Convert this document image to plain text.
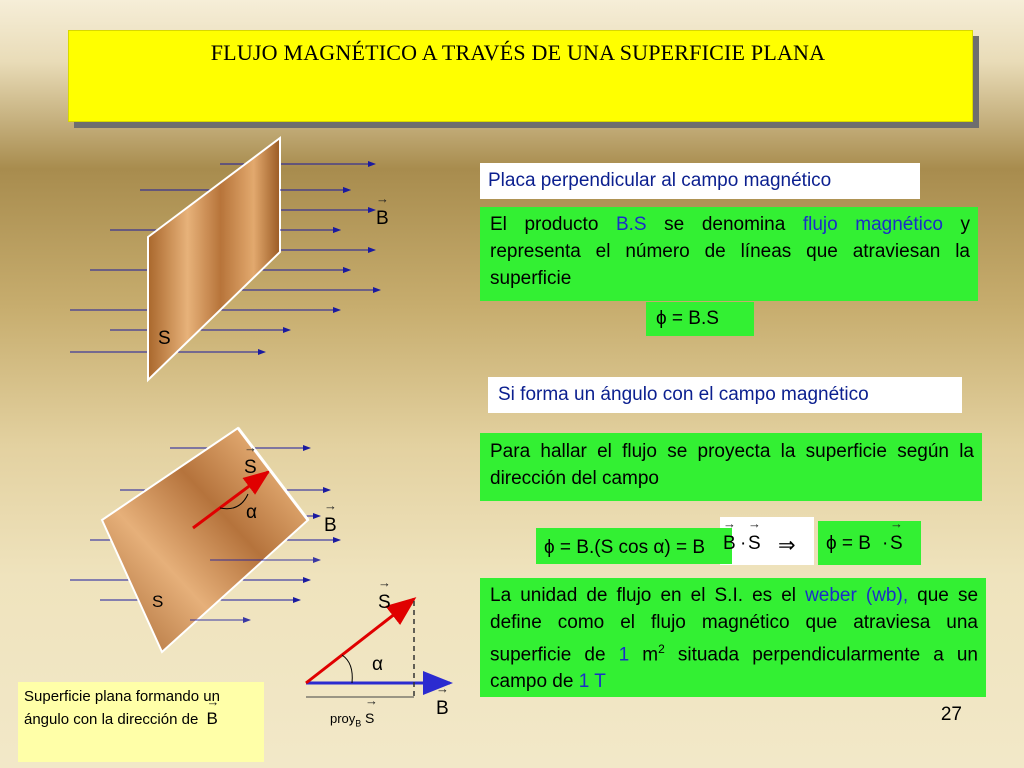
FLUJO MAGNÉTICO A TRAVÉS DE UNA SUPERFICIE PLANA
→ B
S
Placa perpendicular al campo magnético
El producto B.S se denomina flujo magnético y representa el número de líneas que atraviesan la superficie
ϕ = B.S
Si forma un ángulo con el campo magnético
Para hallar el flujo se proyecta la superficie según la dirección del campo
ϕ = B.(S cos α) = B → B · → S ⇒ ϕ = B · → S
→ S
α
→ B
S	→ S
α
→ B
proy$_B$ → S
La unidad de flujo en el S.I. es el weber (wb), que se define como el flujo magnético que atraviesa una superficie de 1 $m^2$ situada perpendicularmente a un campo de 1 T
Superficie plana formando un ángulo con la dirección de → B	27
